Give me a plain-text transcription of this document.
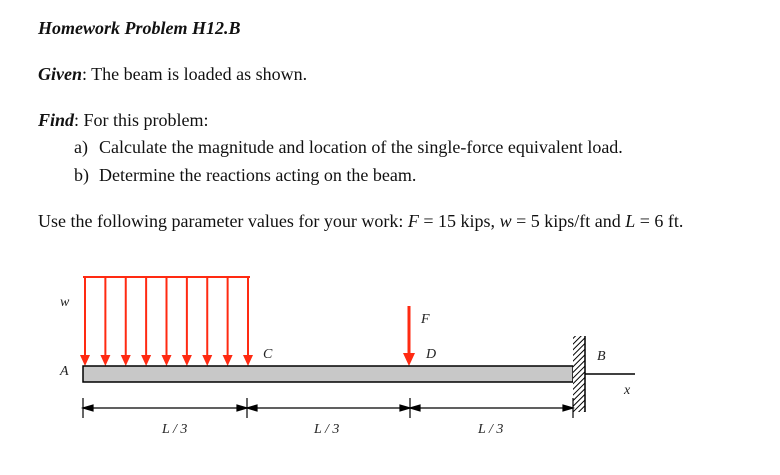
Homework Problem H12.B
Given: The beam is loaded as shown.
Find: For this problem:
a) Calculate the magnitude and location of the single-force equivalent load.
b) Determine the reactions acting on the beam.
Use the following parameter values for your work: F = 15 kips, w = 5 kips/ft and L = 6 ft.
w
A
C
F
D	B
x
L / 3	L / 3	L / 3
